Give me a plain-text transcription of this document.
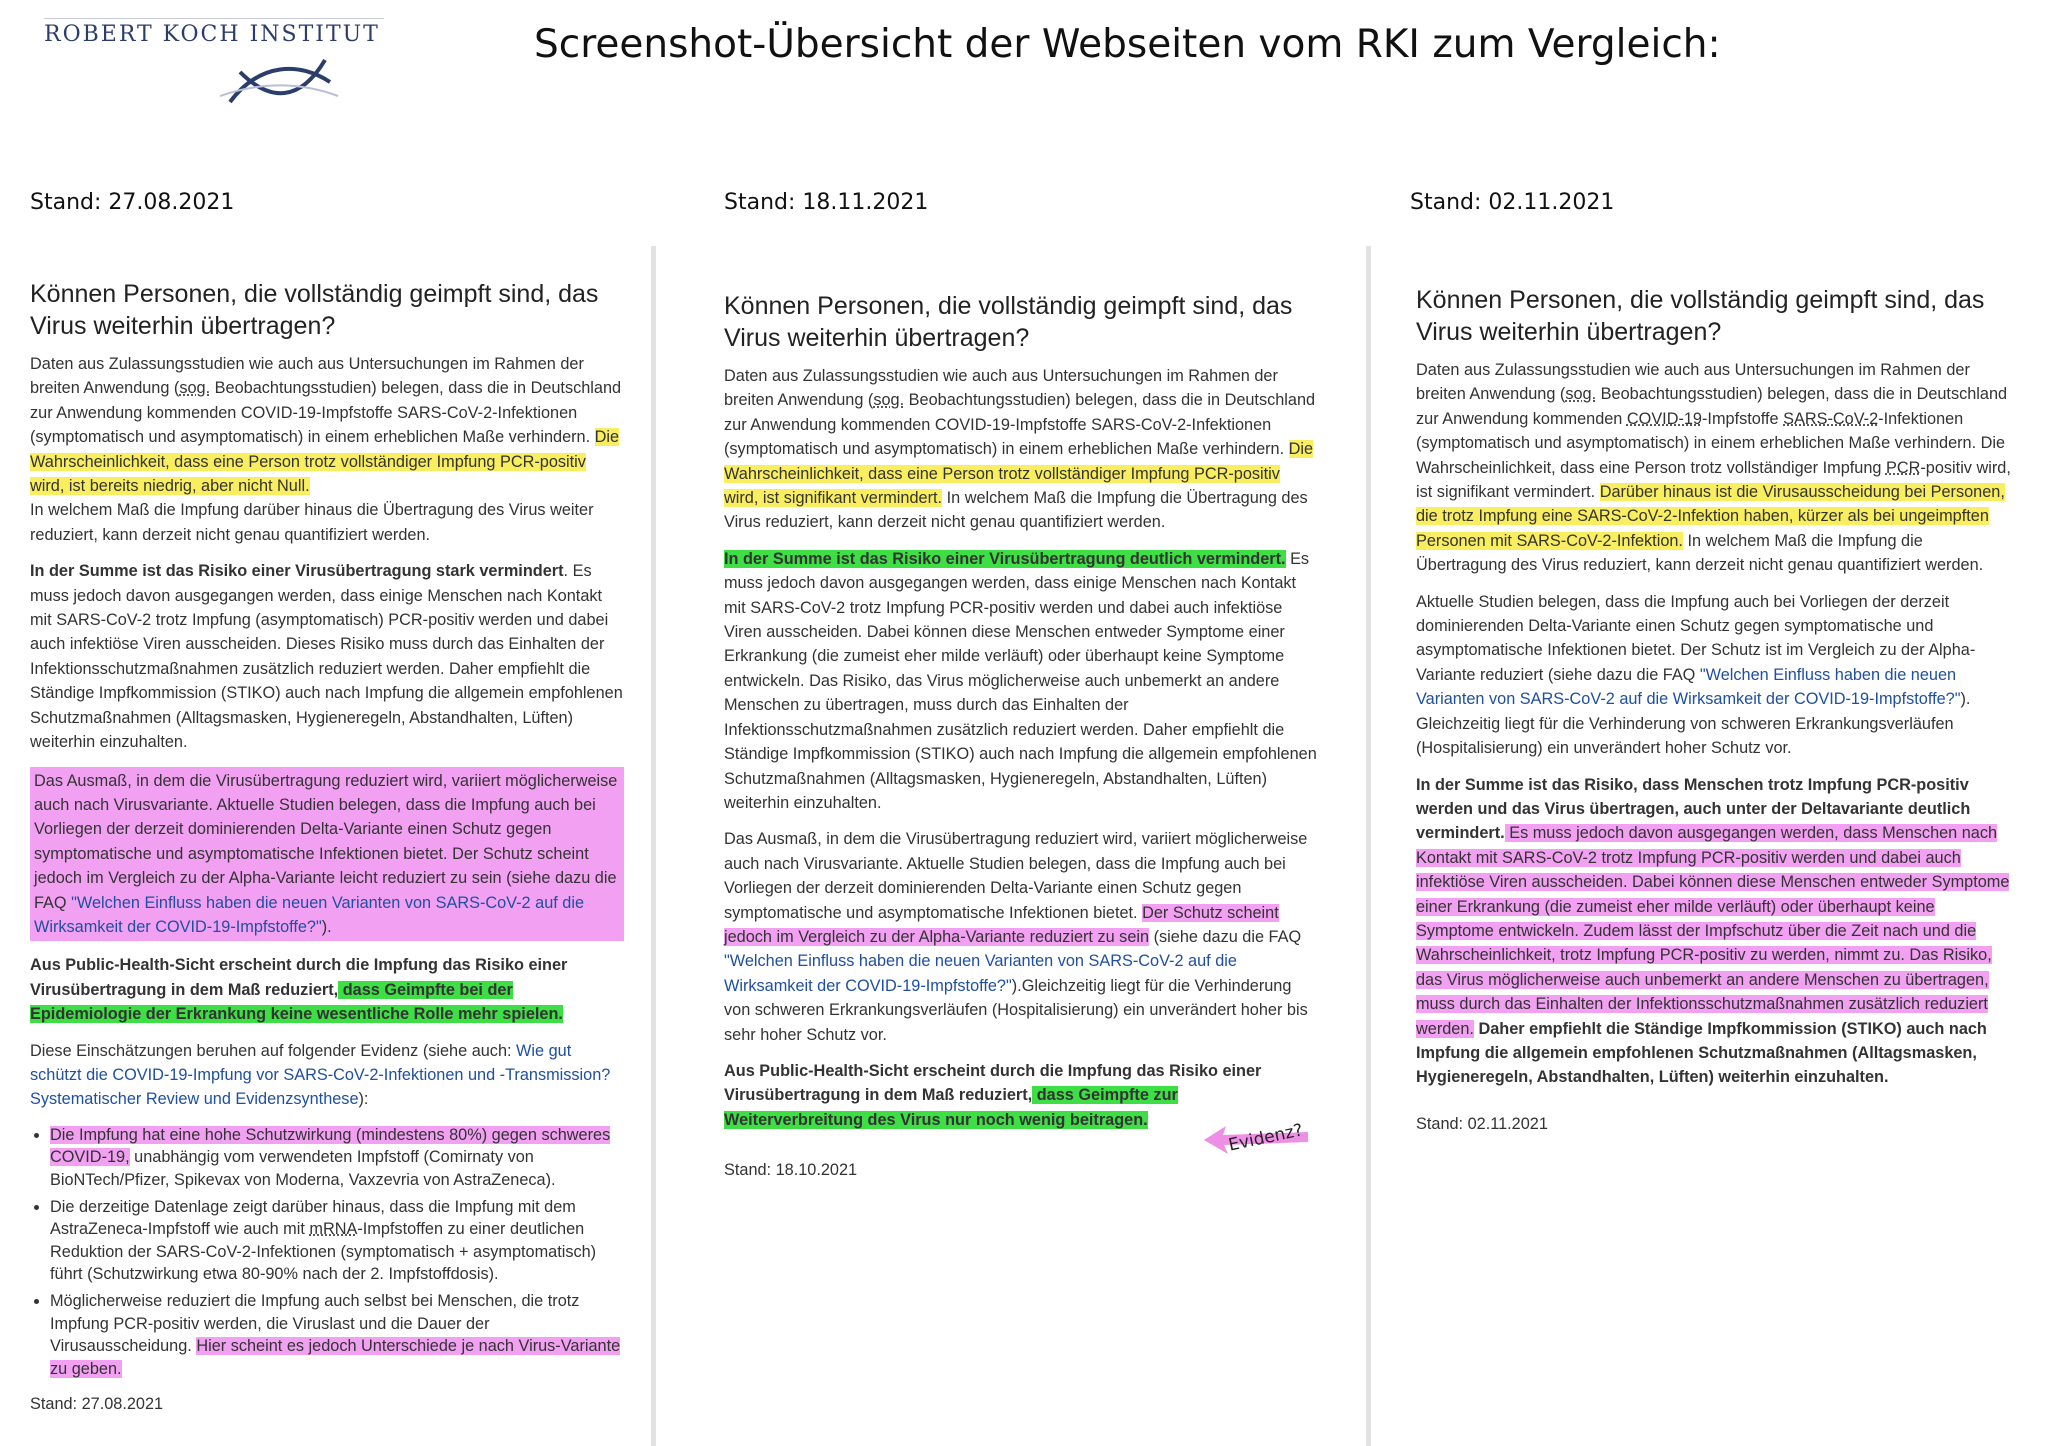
ROBERT KOCH INSTITUT	Screenshot-Übersicht der Webseiten vom RKI zum Vergleich:
Stand: 27.08.2021	Stand: 18.11.2021	Stand: 02.11.2021
Können Personen, die vollständig geimpft sind, das Virus weiterhin übertragen?

Daten aus Zulassungsstudien wie auch aus Untersuchungen im Rahmen der breiten Anwendung (sog. Beobachtungsstudien) belegen, dass die in Deutschland zur Anwendung kommenden COVID-19-Impfstoffe SARS-CoV-2-Infektionen (symptomatisch und asymptomatisch) in einem erheblichen Maße verhindern. Die Wahrscheinlichkeit, dass eine Person trotz vollständiger Impfung PCR-positiv wird, ist bereits niedrig, aber nicht Null.
In welchem Maß die Impfung darüber hinaus die Übertragung des Virus weiter reduziert, kann derzeit nicht genau quantifiziert werden.

In der Summe ist das Risiko einer Virusübertragung stark vermindert. Es muss jedoch davon ausgegangen werden, dass einige Menschen nach Kontakt mit SARS-CoV-2 trotz Impfung (asymptomatisch) PCR-positiv werden und dabei auch infektiöse Viren ausscheiden. Dieses Risiko muss durch das Einhalten der Infektionsschutzmaßnahmen zusätzlich reduziert werden. Daher empfiehlt die Ständige Impfkommission (STIKO) auch nach Impfung die allgemein empfohlenen Schutzmaßnahmen (Alltagsmasken, Hygieneregeln, Abstandhalten, Lüften) weiterhin einzuhalten.

Das Ausmaß, in dem die Virusübertragung reduziert wird, variiert möglicherweise auch nach Virusvariante. Aktuelle Studien belegen, dass die Impfung auch bei Vorliegen der derzeit dominierenden Delta-Variante einen Schutz gegen symptomatische und asymptomatische Infektionen bietet. Der Schutz scheint jedoch im Vergleich zu der Alpha-Variante leicht reduziert zu sein (siehe dazu die FAQ "Welchen Einfluss haben die neuen Varianten von SARS-CoV-2 auf die Wirksamkeit der COVID-19-Impfstoffe?").

Aus Public-Health-Sicht erscheint durch die Impfung das Risiko einer Virusübertragung in dem Maß reduziert, dass Geimpfte bei der Epidemiologie der Erkrankung keine wesentliche Rolle mehr spielen.

Diese Einschätzungen beruhen auf folgender Evidenz (siehe auch: Wie gut schützt die COVID-19-Impfung vor SARS-CoV-2-Infektionen und -Transmission? Systematischer Review und Evidenzsynthese):

• Die Impfung hat eine hohe Schutzwirkung (mindestens 80%) gegen schweres COVID-19, unabhängig vom verwendeten Impfstoff (Comirnaty von BioNTech/Pfizer, Spikevax von Moderna, Vaxzevria von AstraZeneca).
• Die derzeitige Datenlage zeigt darüber hinaus, dass die Impfung mit dem AstraZeneca-Impfstoff wie auch mit mRNA-Impfstoffen zu einer deutlichen Reduktion der SARS-CoV-2-Infektionen (symptomatisch + asymptomatisch) führt (Schutzwirkung etwa 80-90% nach der 2. Impfstoffdosis).
• Möglicherweise reduziert die Impfung auch selbst bei Menschen, die trotz Impfung PCR-positiv werden, die Viruslast und die Dauer der Virusausscheidung. Hier scheint es jedoch Unterschiede je nach Virus-Variante zu geben.

Stand: 27.08.2021

Können Personen, die vollständig geimpft sind, das Virus weiterhin übertragen?

Daten aus Zulassungsstudien wie auch aus Untersuchungen im Rahmen der breiten Anwendung (sog. Beobachtungsstudien) belegen, dass die in Deutschland zur Anwendung kommenden COVID-19-Impfstoffe SARS-CoV-2-Infektionen (symptomatisch und asymptomatisch) in einem erheblichen Maße verhindern. Die Wahrscheinlichkeit, dass eine Person trotz vollständiger Impfung PCR-positiv wird, ist signifikant vermindert. In welchem Maß die Impfung die Übertragung des Virus reduziert, kann derzeit nicht genau quantifiziert werden.

In der Summe ist das Risiko einer Virusübertragung deutlich vermindert. Es muss jedoch davon ausgegangen werden, dass einige Menschen nach Kontakt mit SARS-CoV-2 trotz Impfung PCR-positiv werden und dabei auch infektiöse Viren ausscheiden. Dabei können diese Menschen entweder Symptome einer Erkrankung (die zumeist eher milde verläuft) oder überhaupt keine Symptome entwickeln. Das Risiko, das Virus möglicherweise auch unbemerkt an andere Menschen zu übertragen, muss durch das Einhalten der Infektionsschutzmaßnahmen zusätzlich reduziert werden. Daher empfiehlt die Ständige Impfkommission (STIKO) auch nach Impfung die allgemein empfohlenen Schutzmaßnahmen (Alltagsmasken, Hygieneregeln, Abstandhalten, Lüften) weiterhin einzuhalten.

Das Ausmaß, in dem die Virusübertragung reduziert wird, variiert möglicherweise auch nach Virusvariante. Aktuelle Studien belegen, dass die Impfung auch bei Vorliegen der derzeit dominierenden Delta-Variante einen Schutz gegen symptomatische und asymptomatische Infektionen bietet. Der Schutz scheint jedoch im Vergleich zu der Alpha-Variante reduziert zu sein (siehe dazu die FAQ "Welchen Einfluss haben die neuen Varianten von SARS-CoV-2 auf die Wirksamkeit der COVID-19-Impfstoffe?").Gleichzeitig liegt für die Verhinderung von schweren Erkrankungsverläufen (Hospitalisierung) ein unverändert hoher bis sehr hoher Schutz vor.

Aus Public-Health-Sicht erscheint durch die Impfung das Risiko einer Virusübertragung in dem Maß reduziert, dass Geimpfte zur Weiterverbreitung des Virus nur noch wenig beitragen.

Stand: 18.10.2021

Evidenz?
Können Personen, die vollständig geimpft sind, das Virus weiterhin übertragen?

Daten aus Zulassungsstudien wie auch aus Untersuchungen im Rahmen der breiten Anwendung (sog. Beobachtungsstudien) belegen, dass die in Deutschland zur Anwendung kommenden COVID-19-Impfstoffe SARS-CoV-2-Infektionen (symptomatisch und asymptomatisch) in einem erheblichen Maße verhindern. Die Wahrscheinlichkeit, dass eine Person trotz vollständiger Impfung PCR-positiv wird, ist signifikant vermindert. Darüber hinaus ist die Virusausscheidung bei Personen, die trotz Impfung eine SARS-CoV-2-Infektion haben, kürzer als bei ungeimpften Personen mit SARS-CoV-2-Infektion. In welchem Maß die Impfung die Übertragung des Virus reduziert, kann derzeit nicht genau quantifiziert werden.

Aktuelle Studien belegen, dass die Impfung auch bei Vorliegen der derzeit dominierenden Delta-Variante einen Schutz gegen symptomatische und asymptomatische Infektionen bietet. Der Schutz ist im Vergleich zu der Alpha-Variante reduziert (siehe dazu die FAQ "Welchen Einfluss haben die neuen Varianten von SARS-CoV-2 auf die Wirksamkeit der COVID-19-Impfstoffe?"). Gleichzeitig liegt für die Verhinderung von schweren Erkrankungsverläufen (Hospitalisierung) ein unverändert hoher Schutz vor.

In der Summe ist das Risiko, dass Menschen trotz Impfung PCR-positiv werden und das Virus übertragen, auch unter der Deltavariante deutlich vermindert. Es muss jedoch davon ausgegangen werden, dass Menschen nach Kontakt mit SARS-CoV-2 trotz Impfung PCR-positiv werden und dabei auch infektiöse Viren ausscheiden. Dabei können diese Menschen entweder Symptome einer Erkrankung (die zumeist eher milde verläuft) oder überhaupt keine Symptome entwickeln. Zudem lässt der Impfschutz über die Zeit nach und die Wahrscheinlichkeit, trotz Impfung PCR-positiv zu werden, nimmt zu. Das Risiko, das Virus möglicherweise auch unbemerkt an andere Menschen zu übertragen, muss durch das Einhalten der Infektionsschutzmaßnahmen zusätzlich reduziert werden. Daher empfiehlt die Ständige Impfkommission (STIKO) auch nach Impfung die allgemein empfohlenen Schutzmaßnahmen (Alltagsmasken, Hygieneregeln, Abstandhalten, Lüften) weiterhin einzuhalten.

Stand: 02.11.2021
